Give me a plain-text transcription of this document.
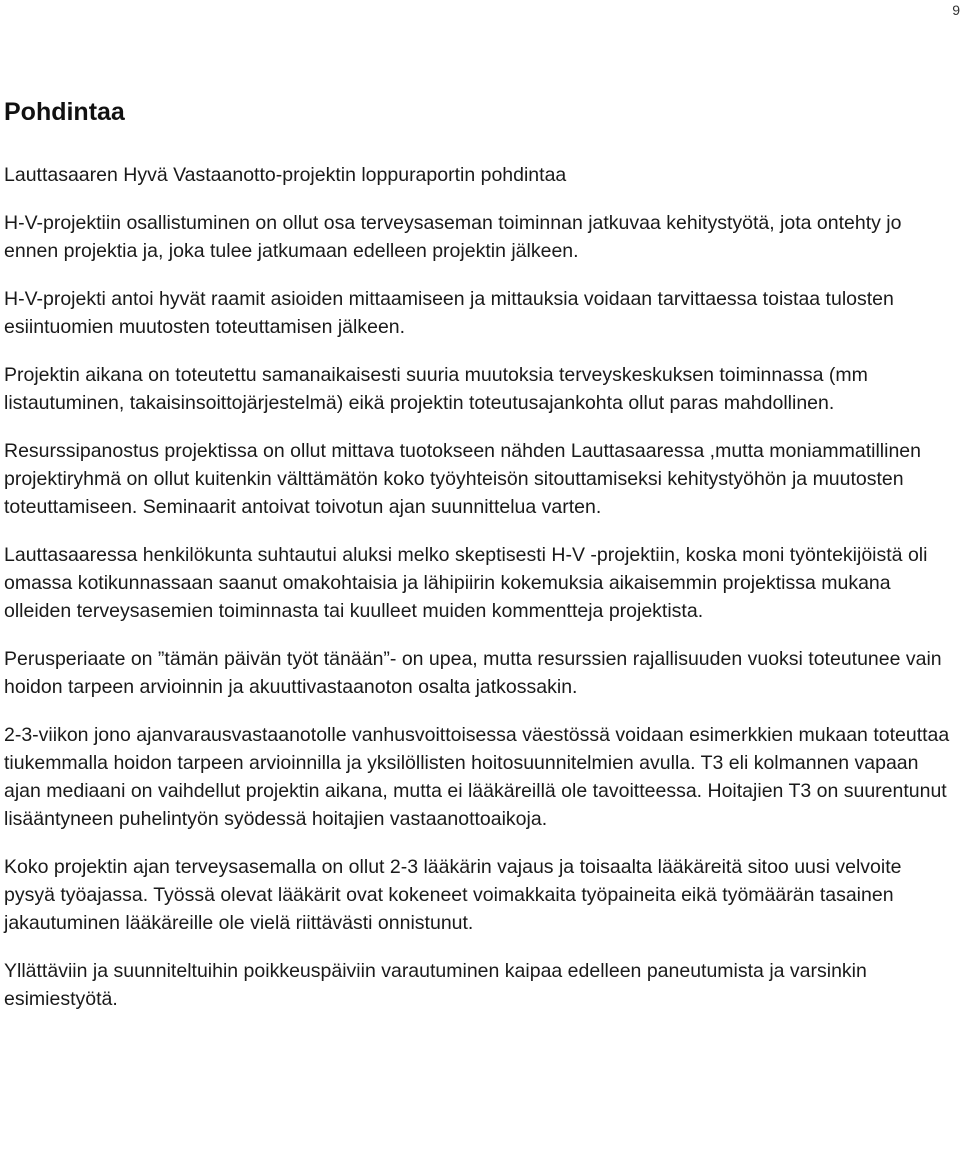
9
Pohdintaa
Lauttasaaren Hyvä Vastaanotto-projektin loppuraportin pohdintaa

H-V-projektiin osallistuminen on ollut osa terveysaseman toiminnan jatkuvaa kehitystyötä, jota ontehty jo ennen projektia ja, joka tulee jatkumaan edelleen projektin jälkeen.

H-V-projekti antoi hyvät raamit asioiden mittaamiseen ja mittauksia voidaan tarvittaessa toistaa tulosten esiintuomien muutosten toteuttamisen jälkeen.

Projektin aikana on toteutettu samanaikaisesti suuria muutoksia terveyskeskuksen toiminnassa (mm listautuminen, takaisinsoittojärjestelmä) eikä projektin toteutusajankohta ollut paras mahdollinen.

Resurssipanostus projektissa on ollut mittava tuotokseen nähden Lauttasaaressa ,mutta moniammatillinen projektiryhmä on ollut kuitenkin välttämätön koko työyhteisön sitouttamiseksi kehitystyöhön ja muutosten toteuttamiseen. Seminaarit antoivat toivotun ajan suunnittelua varten.

Lauttasaaressa henkilökunta suhtautui aluksi melko skeptisesti H-V -projektiin, koska moni työntekijöistä oli omassa kotikunnassaan saanut omakohtaisia ja lähipiirin kokemuksia aikaisemmin projektissa mukana olleiden terveysasemien toiminnasta tai kuulleet muiden kommentteja projektista.

Perusperiaate on ”tämän päivän työt tänään”- on upea, mutta resurssien rajallisuuden vuoksi toteutunee vain hoidon tarpeen arvioinnin ja akuuttivastaanoton osalta jatkossakin.

2-3-viikon jono ajanvarausvastaanotolle vanhusvoittoisessa väestössä voidaan esimerkkien mukaan toteuttaa tiukemmalla hoidon tarpeen arvioinnilla ja yksilöllisten hoitosuunnitelmien avulla. T3 eli kolmannen vapaan ajan mediaani on vaihdellut projektin aikana, mutta ei lääkäreillä ole tavoitteessa. Hoitajien T3 on suurentunut lisääntyneen puhelintyön syödessä hoitajien vastaanottoaikoja.

Koko projektin ajan terveysasemalla on ollut 2-3 lääkärin vajaus ja toisaalta lääkäreitä sitoo uusi velvoite pysyä työajassa. Työssä olevat lääkärit ovat kokeneet voimakkaita työpaineita eikä työmäärän tasainen jakautuminen lääkäreille ole vielä riittävästi onnistunut.

Yllättäviin ja suunniteltuihin poikkeuspäiviin varautuminen kaipaa edelleen paneutumista ja varsinkin esimiestyötä.
